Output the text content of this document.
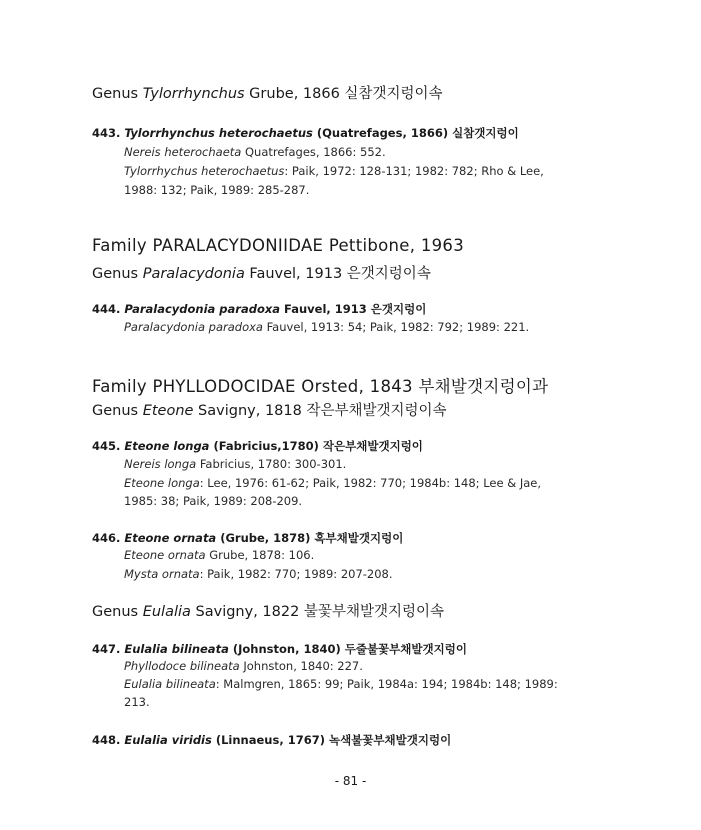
Genus Tylorrhynchus Grube, 1866 실참갯지렁이속
443. Tylorrhynchus heterochaetus (Quatrefages, 1866) 실참갯지렁이
Nereis heterochaeta Quatrefages, 1866: 552.
Tylorrhychus heterochaetus: Paik, 1972: 128-131; 1982: 782; Rho & Lee,
1988: 132; Paik, 1989: 285-287.
Family PARALACYDONIIDAE Pettibone, 1963
Genus Paralacydonia Fauvel, 1913 은갯지렁이속
444. Paralacydonia paradoxa Fauvel, 1913 은갯지렁이
Paralacydonia paradoxa Fauvel, 1913: 54; Paik, 1982: 792; 1989: 221.
Family PHYLLODOCIDAE Orsted, 1843 부채발갯지렁이과
Genus Eteone Savigny, 1818 작은부채발갯지렁이속
445. Eteone longa (Fabricius,1780) 작은부채발갯지렁이
Nereis longa Fabricius, 1780: 300-301.
Eteone longa: Lee, 1976: 61-62; Paik, 1982: 770; 1984b: 148; Lee & Jae,
1985: 38; Paik, 1989: 208-209.
446. Eteone ornata (Grube, 1878) 혹부채발갯지렁이
Eteone ornata Grube, 1878: 106.
Mysta ornata: Paik, 1982: 770; 1989: 207-208.
Genus Eulalia Savigny, 1822 불꽃부채발갯지렁이속
447. Eulalia bilineata (Johnston, 1840) 두줄불꽃부채발갯지렁이
Phyllodoce bilineata Johnston, 1840: 227.
Eulalia bilineata: Malmgren, 1865: 99; Paik, 1984a: 194; 1984b: 148; 1989:
213.
448. Eulalia viridis (Linnaeus, 1767) 녹색불꽃부채발갯지렁이
- 81 -
